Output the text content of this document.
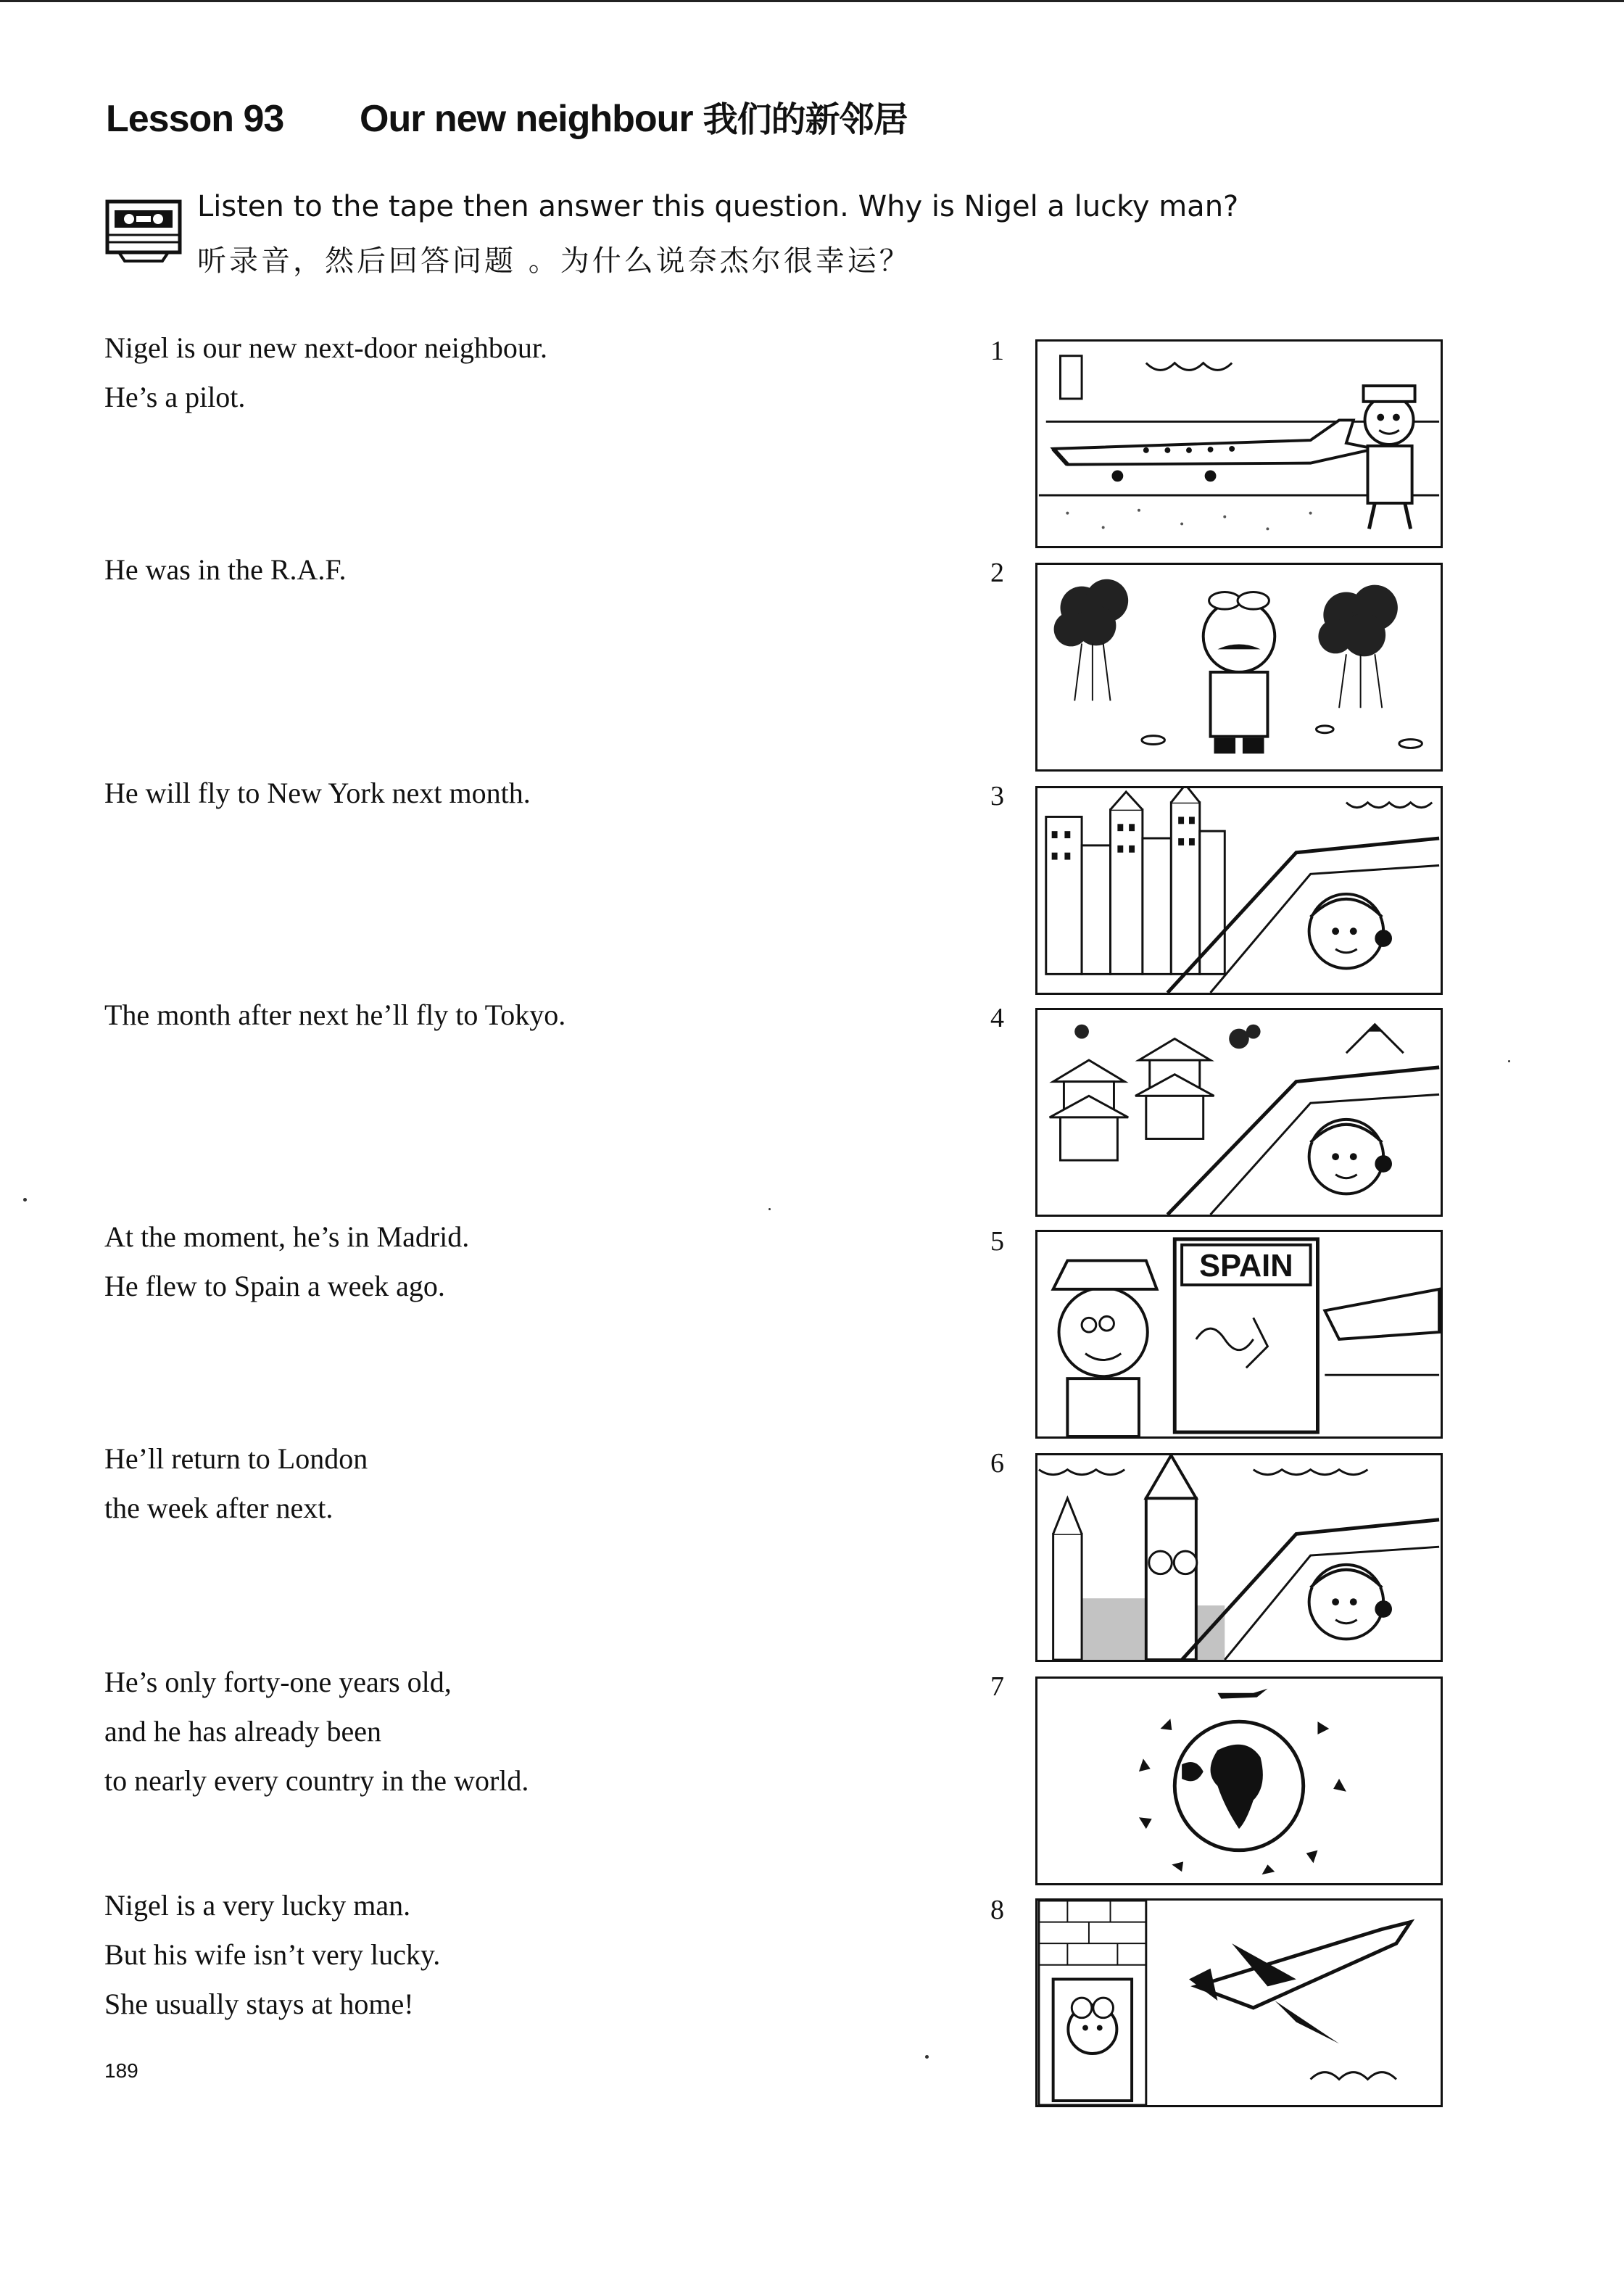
Lesson 93 Our new neighbour 我们的新邻居
Listen to the tape then answer this question. Why is Nigel a lucky man?
听录音，然后回答问题 。为什么说奈杰尔很幸运？
Nigel is our new next-door neighbour.
He’s a pilot.
1
He was in the R.A.F.	2
He will fly to New York next month.	3
The month after next he’ll fly to Tokyo.	4
At the moment, he’s in Madrid.
He flew to Spain a week ago.
5
SPAIN
He’ll return to London
the week after next.
6
He’s only forty-one years old,
and he has already been
to nearly every country in the world.
7
Nigel is a very lucky man.
But his wife isn’t very lucky.
She usually stays at home!
8
189
